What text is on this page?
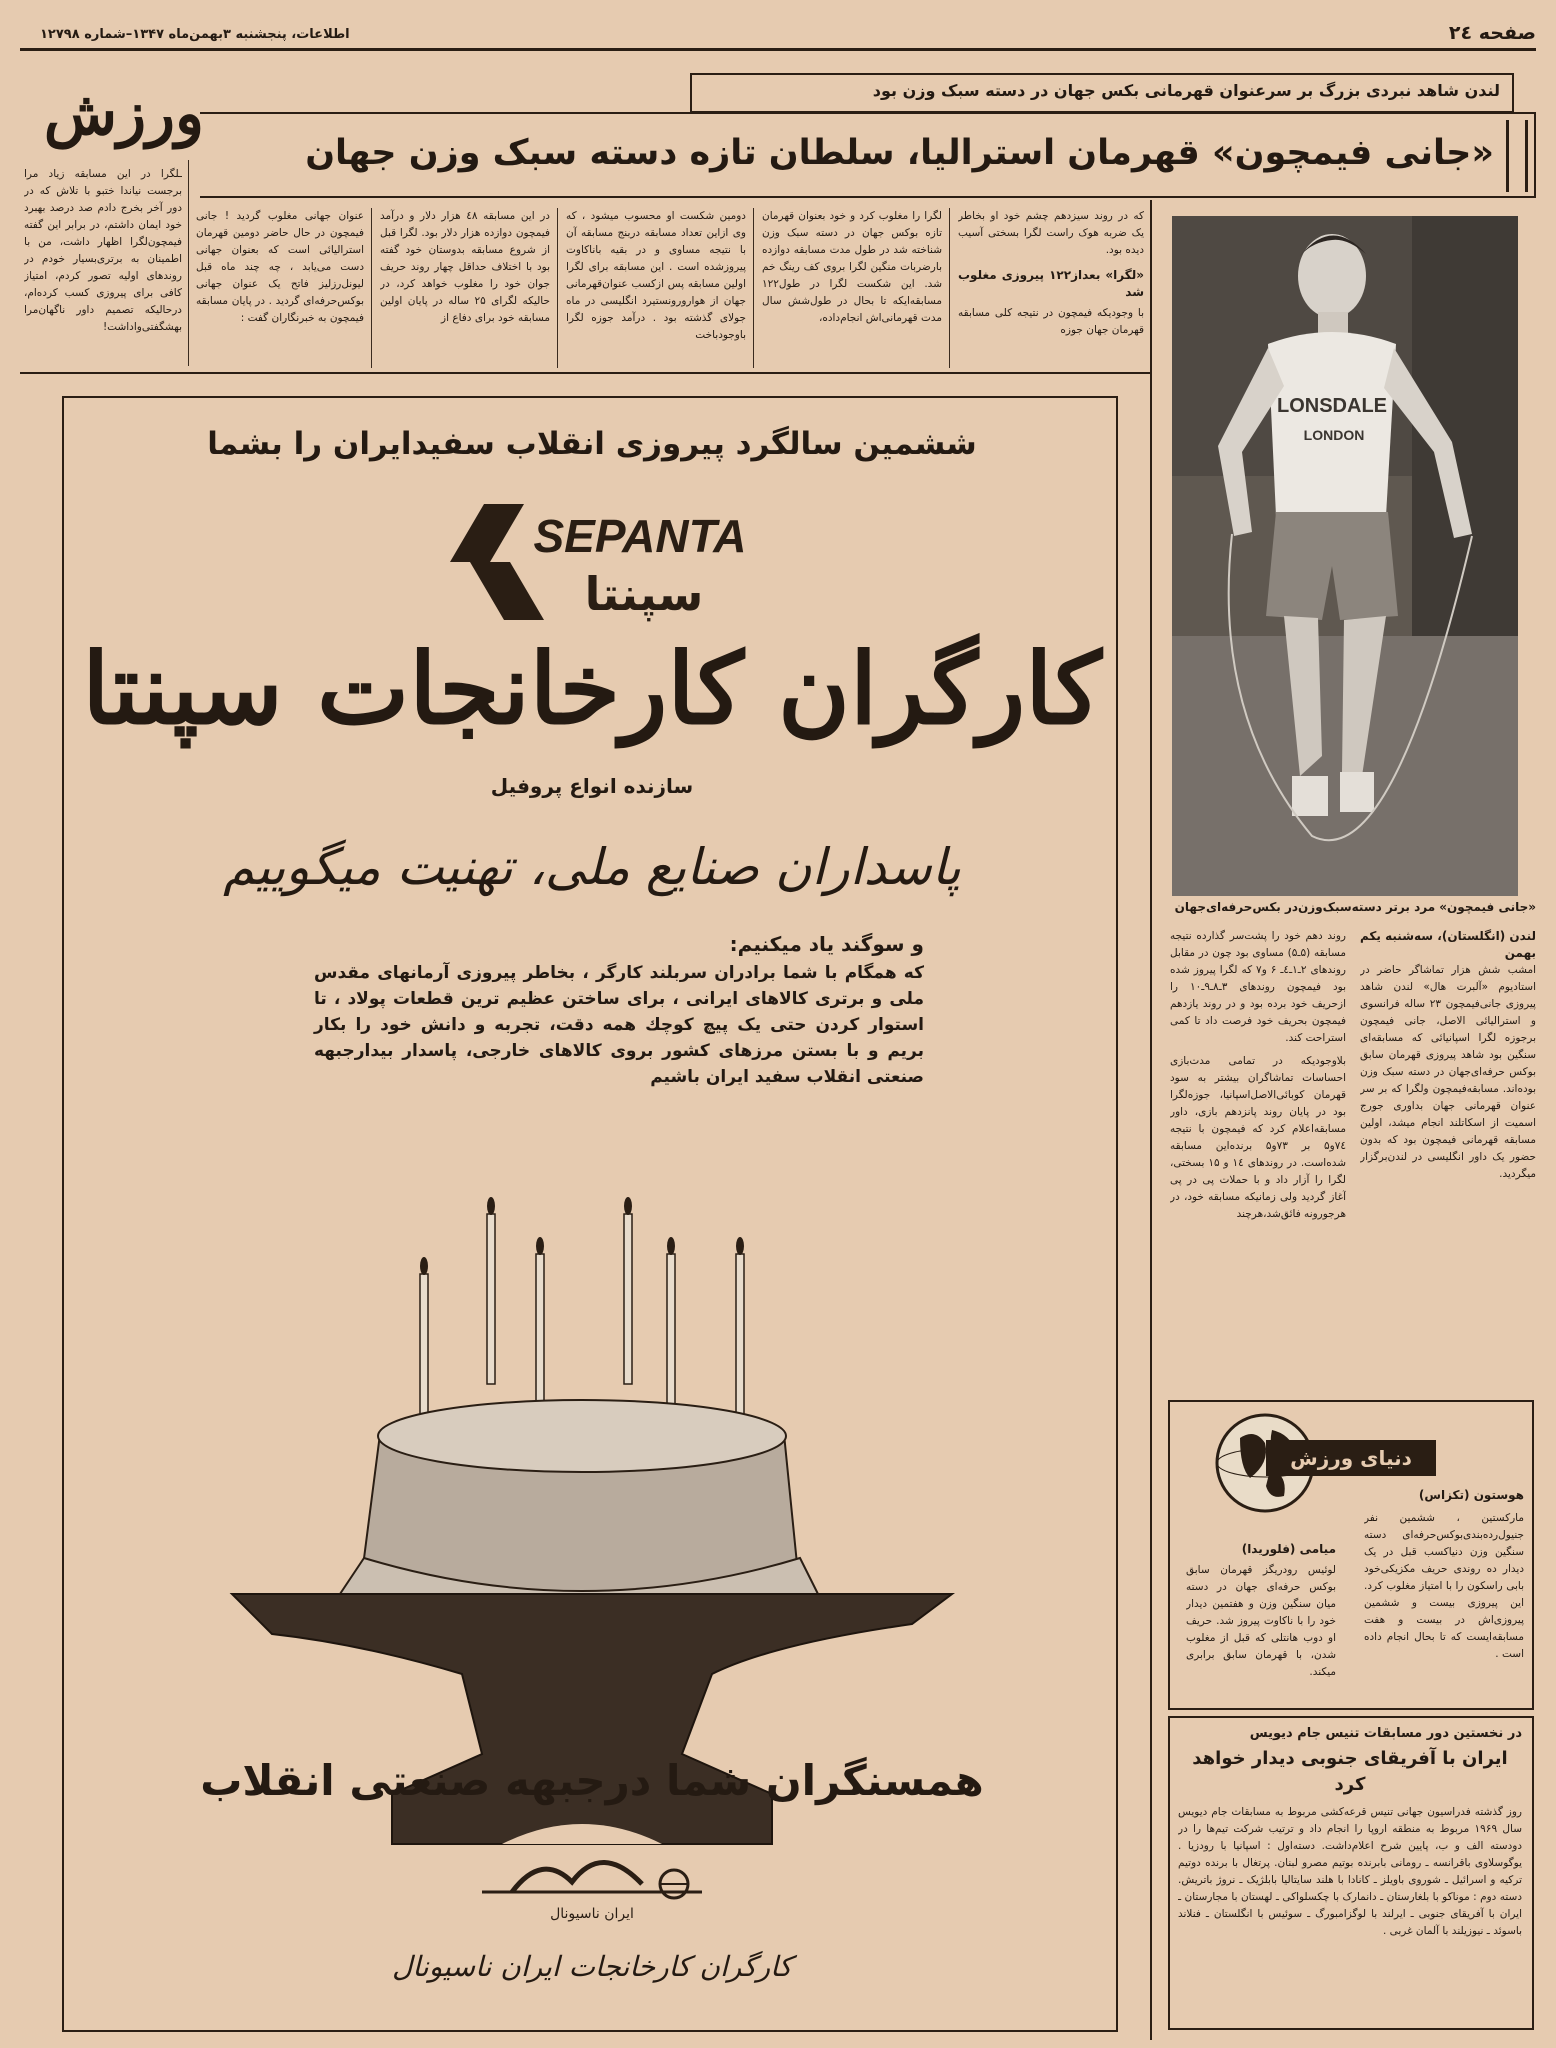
صفحه ۲٤
اطلاعات، پنجشنبه ۳بهمن‌ماه ۱۳۴۷–شماره ۱۲۷۹۸
ورزش	لندن شاهد نبردی بزرگ بر سرعنوان قهرمانی بکس جهان در دسته سبک وزن بود
«جانی فیمچون» قهرمان استرالیا، سلطان تازه دسته سبک وزن جهان
ـلگرا در این مسابقه زیاد مرا برجست نیاندا ختبو با تلاش که در دور آخر بخرج دادم صد درصد بهبرد خود ایمان داشتم، در برابر این گفته فیمچون‌لگرا اظهار داشت، من با اطمینان به برتری‌بسیار خودم در روندهای اولیه تصور کردم، امتیاز کافی برای پیروزی کسب کرده‌ام، درحالیکه تصمیم داور ناگهان‌مرا بهشگفتی‌واداشت!
که در روند سیزدهم چشم خود او بخاطر یک ضربه هوک راست لگرا بسختی آسیب دیده بود.
«لگرا» بعداز۱۲۲ پیروزی مغلوب شد
با وجودیکه فیمچون در نتیجه کلی مسابقه قهرمان جهان جوزه
لگرا را مغلوب کرد و خود بعنوان قهرمان تازه بوکس جهان در دسته سبک وزن شناخته شد در طول مدت مسابقه دوازده بارضربات منگین لگرا بروی کف رینگ خم شد. این شکست لگرا در طول۱۲۲ مسابقه‌ایکه تا بحال در طول‌شش سال مدت قهرمانی‌اش انجام‌داده،
دومین شکست او محسوب میشود ، که وی ازاین تعداد مسابقه دربنج مسابقه آن با نتیجه مساوی و در بقیه باناکاوت پیروزشده است . این مسابقه برای لگرا اولین مسابقه پس ازکسب عنوان‌قهرمانی جهان از هوارورونستیرد انگلیسی در ماه جولای گذشته بود . درآمد جوزه لگرا باوجودباخت
در این مسابقه ٤۸ هزار دلار و درآمد فیمچون دوازده هزار دلار بود. لگرا قبل از شروع مسابقه بدوستان خود گفته بود با اختلاف حداقل چهار روند حریف جوان خود را مغلوب خواهد کرد، در حالیکه لگرای ۲۵ ساله در پایان اولین مسابقه خود برای دفاع از
عنوان جهانی مغلوب گردید ! جانی فیمچون در حال حاضر دومین قهرمان استرالیائی است که بعنوان جهانی دست می‌یابد ، چه چند ماه قبل لیونل‌رزلیز فاتح یک عنوان جهانی بوکس‌حرفه‌ای گردید . در پایان مسابقه فیمچون به خبرنگار‌ان گفت :
LONSDALE
LONDON
«جانی فیمچون» مرد برتر دسته‌سبک‌وزن‌در بکس‌حرفه‌ای‌جهان
لندن (انگلستان)، سه‌شنبه یکم بهمن
امشب شش هزار تماشاگر حاضر در استادیوم «آلبرت هال» لندن شاهد پیروزی جانی‌فیمچون ۲۳ ساله فرانسوی و استرالیائی الاصل، جانی فیمچون برجوزه لگرا اسپانیائی که مسابقه‌ای سنگین بود شاهد پیروزی قهرمان سابق بوکس حرفه‌ای‌جهان در دسته سبک وزن بوده‌اند. مسابقه‌فیمچون ولگرا که بر سر عنوان قهرمانی جهان بداوری جورج اسمیت از اسکاتلند انجام میشد، اولین مسابقه قهرمانی فیمچون بود که بدون حضور یک داور انگلیسی در لندن‌برگزار میگردید.
روند دهم خود را پشت‌سر گذارده نتیجه مسابقه (۵ـ۵) مساوی بود چون در مقابل روندهای ۲ـ۱ـ٤ـ ۶ و۷ که لگرا پیروز شده بود فیمچون روندهای ۳ـ۸ـ۹ـ۱۰ را ازحریف خود برده بود و در روند یازدهم فیمچون بحریف خود فرصت داد تا کمی استراحت کند.
بلاوجودیکه در تمامی مدت‌بازی احساسات تماشاگران بیشتر به سود قهرمان کوبائی‌الاصل‌اسپانیا، جوزه‌لگرا بود در پایان روند پانزدهم بازی، داور مسابقه‌اعلام کرد که فیمچون با نتیجه ۷٤‌و۵ بر ۷۳‌و۵ برنده‌این مسابقه شده‌است. در روندهای ۱٤ و ۱۵ بسختی، لگرا را آزار داد و با حملات پی در پی آغاز گردید ولی زمانیکه مسابقه خود، در هرجورونه فائق‌شد،هرچند
دنیای ورزش
هوستون (تکزاس)
مارکستین ، ششمین نفر جنیول‌رده‌بندی‌بوکس‌حرفه‌ای دسته سنگین وزن دنیاکسب قبل در یک دیدار ده روندی حریف مکزیکی‌خود بابی راسکون را با امتیاز مغلوب کرد. این پیروزی بیست و ششمین پیروزی‌اش در بیست و هفت مسابقه‌ایست که تا بحال انجام داده‌ است .
میامی (فلوریدا)
لوئیس رودریگز قهرمان سابق بوکس حرفه‌ای جهان در دسته میان سنگین وزن و هفتمین دیدار خود را با ناکاوت پیروز شد. حریف او دوب هانتلی که قبل از مغلوب شدن، با قهرمان سابق برابری میکند.
در نخستین دور مسابقات تنیس جام دیویس
ایران با آفریقای جنوبی دیدار خواهد کرد
روز گذشته فدراسیون جهانی تنیس قرعه‌کشی مربوط به مسابقات جام دیویس سال ۱۹۶۹ مربوط به منطقه اروپا را انجام داد و ترتیب شرکت تیم‌ها را در دودسته الف و ب، پایین شرح اعلام‌داشت. دسته‌اول : اسپانیا با رودزیا . یوگوسلاوی باقرانسه ـ رومانی بابرنده بوتیم مصرو لبنان. پرتغال با برنده دوتیم ترکیه و اسرائیل ـ شوروی باویلز ـ کانادا با هلند سایتالیا بابلژیک ـ نروژ باتریش. دسته دوم : موناکو با بلغارستان ـ دانمارک با چکسلواکی ـ لهستان با مجارستان ـ ایران با آفریقای جنوبی ـ ایرلند با لوگزامبورگ ـ سوئیس با انگلستان ـ فنلاند باسوئد ـ نیوزیلند با آلمان غربی .
ششمین سالگرد پیروزی انقلاب سفیدایران را بشما
SEPANTA
سپنتا
کارگران کارخانجات سپنتا
سازنده انواع پروفیل
پاسداران صنایع ملی، تهنیت میگوییم
و سوگند یاد میکنیم:
که همگام با شما برادران سربلند کارگر ، بخاطر پیروزی آرمانهای مقدس ملی و برتری کالاهای ایرانی ، برای ساختن عظیم ترین قطعات پولاد ، تا استوار کردن حتی یک پیچ کوچك همه دقت، تجربه و دانش خود را بکار بریم و با بستن مرزهای کشور بروی کالاهای خارجی، پاسدار بیدارجبهه صنعتی انقلاب سفید ایران باشیم
همسنگران شما درجبهه صنعتی انقلاب
ایران ناسیونال
کارگران کارخانجات ایران ناسیونال
